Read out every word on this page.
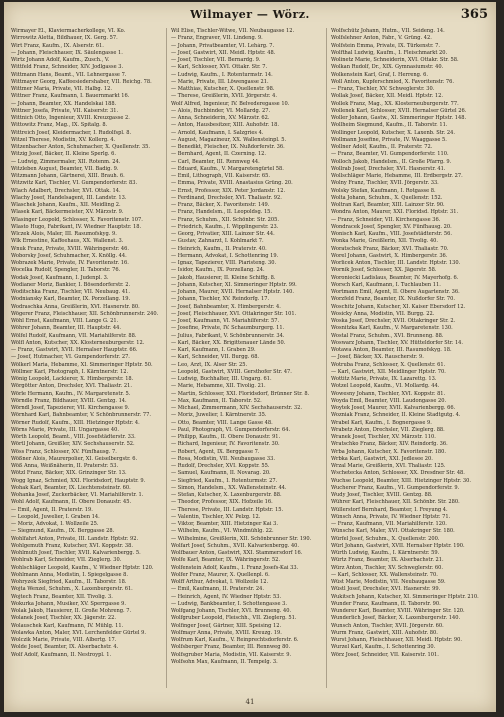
Wilmayer — Wörz.	365
Wirmayer El., Klaviermacherkollege, VI. Ko.
Wirrowitz Aletta, Bildhauer, IX. Gerg. 57.
Wirt Franz, Kaufm., IX. Alserstr. 61.
— Johann, Fleischhauer, IX. Säulengasse 1.
Wirtz Johann Adolf, Kaufm., Zusch., V.
Wittfeld Franz, Schneider, XIV. Jodlgasse 3.
Wittmann Hans, Beamt., VII. Lehnergasse 7.
Wittmayer Georg, Kaffeesiedershaber, VII. Reichg. 78.
Wittmer Maria, Private, VII. Halbg. 12.
Wittner Franz, Kaufmann, I. Bauernmarkt 16.
— Johann, Beamter, XX. Handelskai 188.
Wittner Josefa, Private, VII. Kaiserstr. 31.
Wittnich Otto, Ingenieur, XVIII. Kreuzgasse 2.
Wittowitz Franz, Mag., IX. Spitalg. 8.
Wittreich Josef, Kleidermacher, I. Rudolfspl. 8.
Witzel Therese, Modistin, XV. Kollerg. 4.
Witzenbacher Anton, Schuhmacher, X. Quellenstr. 35.
Witzig Josef, Bäcker, II. Kleine Sperlg. 6.
— Ludwig, Zimmermaler, XII. Rotenm. 24.
Witzleben August, Beamter, VII. Badig. 9.
Witzmann Johann, Gärtnerei, XIII. Brauh. 6.
Witzwitz Karl, Tischler, VI. Gumpendorferstr. 83.
Wlach Adalbert, Drechsler, XVI. Ottak. 14.
Wlachy Josef, Handelsagent, III. Landstr. 13.
Wlaschek Johann, Kaufm., XII. Meidling 2.
Wlasek Karl, Bäckermeister, XV. Märzstr. 9.
Wlasinger Leopold, Schlosser, X. Favoritenstr. 107.
Wlasto Hugo, Fabrikant, IV. Wiedner Hauptstr. 18.
Wlczek Alois, Maler, III. Rasumofskyg. 9.
Wlk Ernestine, Kaffeehaus, XX. Wallenst. 3.
Wnuk Franz, Private, XVIII. Währingerstr. 46.
Woborsky Josef, Schuhmacher, X. Knöllg. 44.
Wobrazek Marie, Private, IV. Favoritenstr. 16.
Wocelka Rudolf, Spengler, II. Taborstr. 76.
Wodak Josef, Kaufmann, I. Judenpl. 3.
Wodianer Moriz, Bankier, I. Bösendorferstr. 2.
Woditschka Franz, Tischler, VII. Neubaug. 41.
Wodniansky Karl, Beamter, IX. Porzellang. 19.
Wodraschka Anna, Greißlerin, XVI. Hasnerstr. 80.
Wögerer Franz, Fleischhauer, XII. Schönbrunnerstr. 240.
Wöhl Ernst, Kaufmann, VIII. Lange G. 21.
Wöhrer Johann, Beamter, III. Hauptstr. 44.
Wölfel Rudolf, Kaufmann, VII. Mariahilferstr. 88.
Wölfl Anton, Kutscher, XX. Klosterneuburgerstr. 12.
— Franz, Gastwirt, XVII. Hernalser Hauptstr. 66.
— Josef, Hutmacher, VI. Gumpendorferstr. 27.
Wölkerl Maria, Hebamme, XI. Simmeringer Hptstr. 50.
Wöllmer Karl, Photograph, I. Kärntnerstr. 12.
Wönig Leopold, Lackierer, X. Himbergerstr. 18.
Wörgötter Anton, Drechsler, XVI. Thaliastr. 21.
Wörle Hermann, Kaufm., IV. Margaretenstr. 5.
Wörndle Franz, Bildhauer, XVIII. Gentzg. 14.
Wörndl Josef, Tapezierer, VII. Kirchengasse 9.
Wörnhard Karl, Bahnbeamter, V. Schönbrunnerstr. 77.
Wörner Rudolf, Kaufm., XIII. Hietzinger Hptstr. 4.
Wörns Marie, Private, III. Ungargasse 40.
Wörth Leopold, Beamt., VIII. Josefstädterstr. 33.
Wörtl Johann, Greißler, XIV. Sechshauserstr. 52.
Wöss Franz, Schlosser, XV. Fünfhausg. 7.
Wößner Alois, Maurerpolier, XI. Geiselbergstr. 6.
Wöß Anna, Weißnäherin, II. Praterstr. 53.
Wötzl Franz, Bäcker, XIX. Grinzinger Str. 13.
Wogg Ignaz, Schmied, XXI. Floridsdorf, Hauptstr. 9.
Wohak Karl, Beamter, IX. Liechtensteinstr. 60.
Wohanka Josef, Zuckerbäcker, VI. Mariahilferstr. 1.
Wohl Adolf, Kaufmann, II. Obere Donaustr. 45.
— Emil, Agent, II. Praterstr. 19.
— Leopold, Juwelier, I. Graben 14.
— Moriz, Advokat, I. Wollzeile 25.
— Siegmund, Kaufm., IX. Berggasse 28.
Wohlfahrt Anton, Private, III. Landstr. Hptstr. 92.
Wohlgemuth Franz, Kutscher, XVI. Koppstr. 38.
Wohlmuth Josef, Tischler, XVII. Kalvarienbergg. 5.
Wohlrab Karl, Schneider, VII. Zieglerg. 30.
Wohlschläger Leopold, Kaufm., V. Wiedner Hptstr. 120.
Wohlmann Anna, Modistin, I. Spiegelgasse 8.
Wohryzek Siegfried, Kaufm., II. Taborstr. 18.
Wojta Wenzel, Schuhm., X. Laxenburgerstr. 61.
Wojtech Franz, Beamter, XII. Tivolig. 3.
Wokurka Johann, Musiker, XV. Sperrgasse 9.
Wolak Jakob, Hausierer, II. Große Mohreng. 7.
Wolanek Josef, Tischler, XX. Jägerstr. 22.
Wolauschek Karl, Kaufmann, IV. Mühlg. 11.
Wolawka Anton, Maler, XVI. Lerchenfelder Gürtel 9.
Wolczik Marie, Private, VIII. Albertg. 17.
Wolde Josef, Beamter, IX. Alserbachstr. 4.
Wolf Adolf, Kaufmann, II. Nestroypl. 1.
Wil Elise, Tischler-Witwe, VII. Neubaugasse 12.
— Franz, Engraver, VII. Lindeng. 9.
— Johann, Privatbeamter, VI. Lehárg. 7.
— Josef, Gastwirt, XII. Meidl. Hptstr. 48.
— Josef, Tischler, VII. Bernardg. 9.
— Karl, Schlosser, XVI. Ottakr. Str. 7.
— Ludwig, Kaufm., I. Rotenturmstr. 14.
— Marie, Private, III. Löwengasse 21.
— Matthias, Kutscher, X. Quellenstr. 98.
— Therese, Greißlerin, XVII. Jörgerstr. 4.
Wolf Alfred, Ingenieur, IV. Belvederegasse 10.
— Alois, Buchbinder, VI. Mollardg. 27.
— Anna, Schneiderin, XV. Märzstr. 62.
— Anton, Hausbesitzer, XIII. Auhofstr. 18.
— Arnold, Kaufmann, I. Salzgries 4.
— August, Magazineur, XX. Wallensteinpl. 5.
— Benedikt, Fleischer, IX. Nußdorferstr. 36.
— Bernhard, Agent, II. Czerning. 12.
— Carl, Beamter, III. Rennweg 44.
— Eduard, Kaufm., V. Margaretengürtel 58.
— Emil, Lithograph, VII. Kaiserstr. 65.
— Emma, Private, XVIII. Anastasius Grüng. 20.
— Ernst, Professor, XIX. Peter Jordanstr. 12.
— Ferdinand, Drechsler, XVI. Thaliastr. 92.
— Franz, Bäcker, X. Favoritenstr. 149.
— Franz, Handelsm., II. Leopoldsg. 15.
— Franz, Schuhm., XII. Schönbr. Str. 205.
— Friedrich, Kaufm., I. Wipplingerstr. 23.
— Georg, Privatier, XIII. Lainzer Str. 44.
— Gustav, Zahnarzt, I. Kohlmarkt 7.
— Heinrich, Kaufm., II. Praterstr. 40.
— Hermann, Advokat, I. Schottenring 19.
— Ignaz, Tapezierer, VIII. Piaristeng. 30.
— Isidor, Kaufm., IX. Porzellang. 24.
— Jakob, Hausierer, II. Kleine Schiffg. 8.
— Johann, Kutscher, XI. Simmeringer Hptstr. 99.
— Johann, Maurer, XVII. Hernalser Hptstr. 140.
— Johann, Tischler, XV. Reindorfg. 17.
— Josef, Bahnbeamter, X. Himbergerstr. 4.
— Josef, Fleischhauer, XVI. Ottakringer Str. 101.
— Josef, Kaufmann, VI. Mariahilferstr. 57.
— Josefine, Private, IV. Schaumburgerg. 11.
— Julius, Fabrikant, V. Schönbrunnerstr. 34.
— Karl, Bäcker, XX. Brigittenauer Lände 50.
— Karl, Kaufmann, I. Graben 29.
— Karl, Schneider, VII. Burgg. 68.
— Leo, Arzt, IX. Alser Str. 25.
— Leopold, Gastwirt, XVIII. Gersthofer Str. 47.
— Ludwig, Buchhalter, III. Ungarg. 61.
— Marie, Hebamme, XII. Tivolig. 21.
— Martin, Schlosser, XXI. Floridsdorf, Brünner Str. 8.
— Max, Kaufmann, II. Taborstr. 52.
— Michael, Zimmermann, XIV. Sechshauserstr. 32.
— Moriz, Juwelier, I. Kärntnerstr. 35.
— Otto, Beamter, VIII. Lange Gasse 48.
— Paul, Photograph, VI. Gumpendorferstr. 64.
— Philipp, Kaufm., II. Obere Donaustr. 91.
— Richard, Ingenieur, IV. Favoritenstr. 30.
— Robert, Agent, IX. Berggasse 7.
— Rosa, Modistin, VII. Neubaugasse 33.
— Rudolf, Drechsler, XVI. Koppstr. 55.
— Samuel, Kaufmann, II. Novarag. 20.
— Siegfried, Kaufm., I. Rotenturmstr. 27.
— Simon, Handelsm., XX. Wallensteinstr. 44.
— Stefan, Kutscher, X. Laxenburgerstr. 88.
— Theodor, Professor, XIX. Hofzeile 16.
— Therese, Private, III. Landstr. Hptstr. 15.
— Valentin, Tischler, XV. Pelzg. 12.
— Viktor, Beamter, XIII. Hietzinger Kai 3.
— Wilhelm, Kaufm., VI. Windmühlg. 22.
— Wilhelmine, Greißlerin, XII. Schönbrunner Str. 190.
Wolfart Josef, Schuhm., XVII. Kalvarienbergg. 40.
Wolfbauer Anton, Gastwirt, XXI. Stammersdorf 16.
Wolfe Karl, Beamter, IX. Währingerstr. 52.
Wolfenstein Adolf, Kaufm., I. Franz Josefs-Kai 33.
Wolfer Franz, Maurer, X. Quellenpl. 6.
Wolff Arthur, Advokat, I. Wollzeile 12.
— Emil, Kaufmann, II. Praterstr. 24.
— Heinrich, Agent, IV. Wiedner Hptstr. 53.
— Ludwig, Bankbeamter, I. Schottengasse 3.
Wolfgang Johann, Tischler, XVI. Brunneng. 40.
Wolfgruber Leopold, Fleischh., VII. Zieglerg. 51.
Wolfinger Josef, Gärtner, XIII. Speising 12.
Wolfmayr Anna, Private, XVIII. Kreuzg. 19.
Wolfrum Karl, Kaufm., V. Reinprechtsdorferstr. 6.
Wolfsberger Franz, Beamter, III. Rennweg 80.
Wolfsgruber Maria, Modistin, VII. Kaiserstr. 9.
Wolfsohn Max, Kaufmann, II. Tempelg. 3.
Wolfschütz Johann, Hutm., VII. Seideng. 14.
Wolfslehner Anton, Fabr., V. Grüng. 42.
Wolfstein Emma, Private, IX. Türkenstr. 7.
Wolfthal Ludwig, Kaufm., I. Fleischmarkt 20.
Wolinetz Marie, Schneiderin, XVI. Ottakr. Str. 58.
Wolkan Rudolf, Dr., XIX. Gymnasiumstr. 40.
Wolkenstein Karl, Graf, I. Herreng. 6.
Woll Anton, Kupferschmied, X. Favoritenstr. 76.
— Franz, Tischler, XV. Schweglerstr. 30.
Wollak Josef, Bäcker, XII. Meidl. Hptstr. 12.
Wollek Franz, Mag., XX. Klosterneuburgerstr. 77.
Wollenek Karl, Schlosser, XVII. Hernalser Gürtel 26.
Woller Johann, Gastw., XI. Simmeringer Hptstr. 148.
Wollheim Siegmund, Kaufm., II. Taborstr. 11.
Wollinger Leopold, Kutscher, X. Laxenb. Str. 24.
Wollmann Josefine, Private, IV. Waaggasse 5.
Wollner Adolf, Kaufm., II. Praterstr. 72.
— Franz, Beamter, VI. Gumpendorferstr. 110.
Wolloch Jakob, Handelsm., II. Große Pfarrg. 9.
Wollrab Josef, Drechsler, XVI. Hasnerstr. 41.
Wollschläger Marie, Hebamme, III. Erdbergstr. 27.
Wolny Franz, Tischler, XVII. Jörgerstr. 33.
Wolsky Stefan, Kaufmann, I. Rotgasse 8.
Wolta Johann, Schuhm., X. Quellenstr. 152.
Woltran Karl, Beamter, XIII. Lainzer Str. 90.
Wondra Anton, Maurer, XXI. Floridsd. Hptstr. 31.
— Franz, Schneider, VII. Kirchengasse 36.
Wondracek Josef, Spengler, XV. Fünfhausg. 20.
Wonisch Karl, Kaufm., VIII. Josefstädterstr. 56.
Wonka Marie, Greißlerin, XII. Tivolig. 40.
Woratschek Franz, Bäcker, XVI. Thaliastr. 70.
Worel Johann, Gastwirt, X. Himbergerstr. 36.
Worlicek Anton, Tischler, III. Landstr. Hptstr. 130.
Wornik Josef, Schlosser, XX. Jägerstr. 58.
Woroniecki Ladislaus, Beamter, IV. Mayerhofg. 6.
Worsch Karl, Kaufmann, I. Tuchlauben 11.
Wortmann Emil, Agent, II. Obere Augartenstr. 36.
Worzfeld Franz, Beamter, IX. Nußdorfer Str. 70.
Woschitz Johann, Kutscher, XI. Kaiser Ebersdorf 12.
Wosicky Anna, Modistin, VII. Burgg. 22.
Woska Josef, Drechsler, XVII. Ottakringer Str. 2.
Wosnitzka Karl, Kaufm., V. Margaretenstr. 130.
Wostal Franz, Schuhm., XVI. Brunneng. 88.
Woswarz Johann, Tischler, XV. Hütteldorfer Str. 14.
Wotawa Anton, Beamter, III. Rasumofskyg. 18.
— Josef, Bäcker, XX. Rauscherstr. 9.
Wotruba Franz, Schlosser, X. Quellenstr. 61.
— Karl, Gastwirt, XII. Meidlinger Hptstr. 70.
Wottitz Marie, Private, IX. Lazarettg. 13.
Wotzel Leopold, Kaufm., VI. Mollardg. 44.
Wowesny Johann, Tischler, XVI. Koppstr. 81.
Woyda Emil, Beamter, VIII. Laudongasse 20.
Woytek Josef, Maurer, XVII. Kalvarienbergg. 66.
Wozniak Franz, Schneider, II. Kleine Stadtgutg. 4.
Wrabel Karl, Kaufm., I. Bognergasse 9.
Wrabetz Anton, Drechsler, VII. Zieglerg. 88.
Wranek Josef, Tischler, XV. Märzstr. 110.
Wratschko Franz, Bäcker, XIV. Reindorfg. 36.
Wrba Johann, Kutscher, X. Favoritenstr. 180.
Wrbka Karl, Gastwirt, XXI. Jedlesee 20.
Wrzal Marie, Greißlerin, XVI. Thaliastr. 125.
Wschetecka Anton, Schlosser, XX. Dresdner Str. 48.
Wuchse Leopold, Beamter, XIII. Hietzinger Hptstr. 30.
Wucherer Franz, Kaufm., VI. Gumpendorferstr. 9.
Wudy Josef, Tischler, XVIII. Gentzg. 88.
Wührer Karl, Fleischhauer, XII. Schönbr. Str. 280.
Wüllerstorf Bernhard, Beamter, I. Freyung 4.
Wünsch Anna, Private, IV. Wiedner Hptstr. 71.
— Franz, Kaufmann, VII. Mariahilferstr. 120.
Wünsche Karl, Maler, XVI. Ottakringer Str. 180.
Würfel Josef, Schuhm., X. Quellenstr. 200.
Würl Johann, Gastwirt, XVII. Hernalser Hptstr. 190.
Würth Ludwig, Kaufm., I. Kärntnerstr. 59.
Würtz Franz, Beamter, IX. Alserbachstr. 21.
Würz Anton, Tischler, XV. Schweglerstr. 60.
— Karl, Schlosser, XX. Wallensteinstr. 70.
Wüst Marie, Modistin, VII. Neubaugasse 59.
Wüstl Josef, Drechsler, XVI. Hasnerstr. 99.
Wukitsch Johann, Kutscher, XI. Simmeringer Hptstr. 210.
Wunder Franz, Kaufmann, II. Taborstr. 90.
Wunderer Karl, Beamter, XVIII. Währinger Str. 120.
Wunderlich Josef, Bäcker, X. Laxenburgerstr. 140.
Wunsch Anton, Tischler, XVII. Jörgerstr. 60.
Wurm Franz, Gastwirt, XIII. Auhofstr. 80.
Wurst Johann, Fleischhauer, XII. Meidl. Hptstr. 90.
Wurzel Karl, Kaufm., I. Schottenring 30.
Wörz Josef, Schneider, VII. Kaiserstr. 101.
41
